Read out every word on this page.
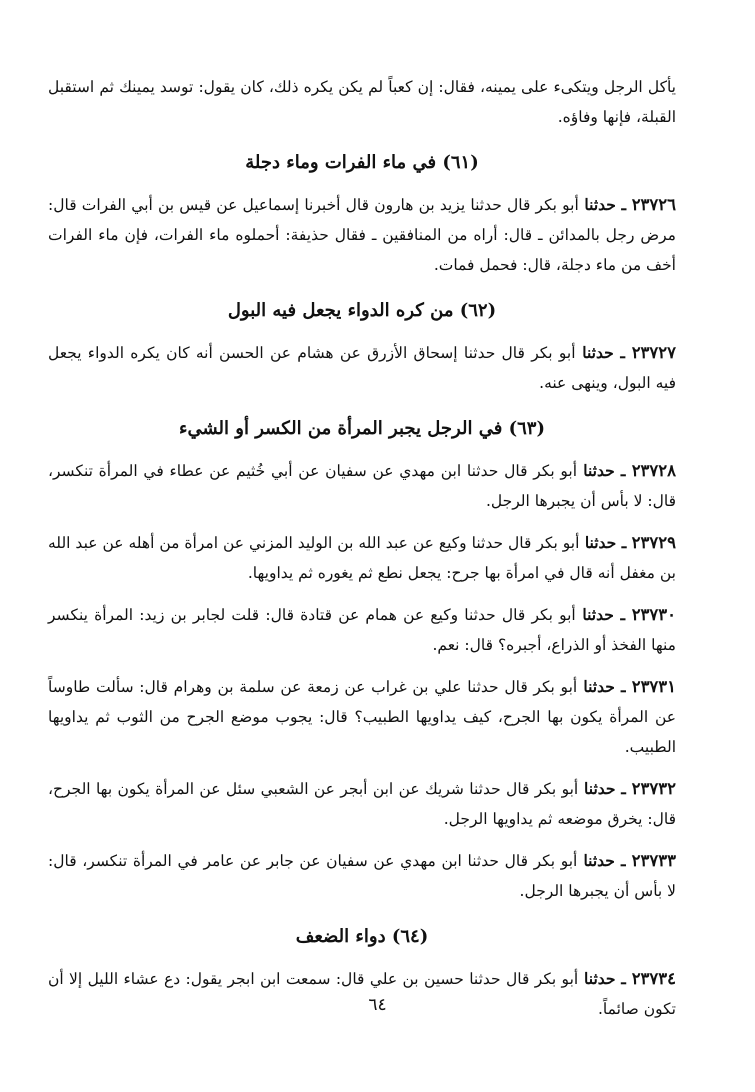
يأكل الرجل ويتكىء على يمينه، فقال: إن كعباً لم يكن يكره ذلك، كان يقول: توسد يمينك ثم استقبل القبلة، فإنها وفاؤه.

(٦١) في ماء الفرات وماء دجلة

٢٣٧٢٦ ـ حدثنا أبو بكر قال حدثنا يزيد بن هارون قال أخبرنا إسماعيل عن قيس بن أبي الفرات قال: مرض رجل بالمدائن ـ قال: أراه من المنافقين ـ فقال حذيفة: أحملوه ماء الفرات، فإن ماء الفرات أخف من ماء دجلة، قال: فحمل فمات.

(٦٢) من كره الدواء يجعل فيه البول

٢٣٧٢٧ ـ حدثنا أبو بكر قال حدثنا إسحاق الأزرق عن هشام عن الحسن أنه كان يكره الدواء يجعل فيه البول، وينهى عنه.

(٦٣) في الرجل يجبر المرأة من الكسر أو الشيء

٢٣٧٢٨ ـ حدثنا أبو بكر قال حدثنا ابن مهدي عن سفيان عن أبي خُثيم عن عطاء في المرأة تنكسر، قال: لا بأس أن يجبرها الرجل.

٢٣٧٢٩ ـ حدثنا أبو بكر قال حدثنا وكيع عن عبد الله بن الوليد المزني عن امرأة من أهله عن عبد الله بن مغفل أنه قال في امرأة بها جرح: يجعل نطع ثم يغوره ثم يداويها.

٢٣٧٣٠ ـ حدثنا أبو بكر قال حدثنا وكيع عن همام عن قتادة قال: قلت لجابر بن زيد: المرأة ينكسر منها الفخذ أو الذراع، أجبره؟ قال: نعم.

٢٣٧٣١ ـ حدثنا أبو بكر قال حدثنا علي بن غراب عن زمعة عن سلمة بن وهرام قال: سألت طاوساً عن المرأة يكون بها الجرح، كيف يداويها الطبيب؟ قال: يجوب موضع الجرح من الثوب ثم يداويها الطبيب.

٢٣٧٣٢ ـ حدثنا أبو بكر قال حدثنا شريك عن ابن أبجر عن الشعبي سئل عن المرأة يكون بها الجرح، قال: يخرق موضعه ثم يداويها الرجل.

٢٣٧٣٣ ـ حدثنا أبو بكر قال حدثنا ابن مهدي عن سفيان عن جابر عن عامر في المرأة تنكسر، قال: لا بأس أن يجبرها الرجل.

(٦٤) دواء الضعف

٢٣٧٣٤ ـ حدثنا أبو بكر قال حدثنا حسين بن علي قال: سمعت ابن ابجر يقول: دع عشاء الليل إلا أن تكون صائماً.

٦٤
